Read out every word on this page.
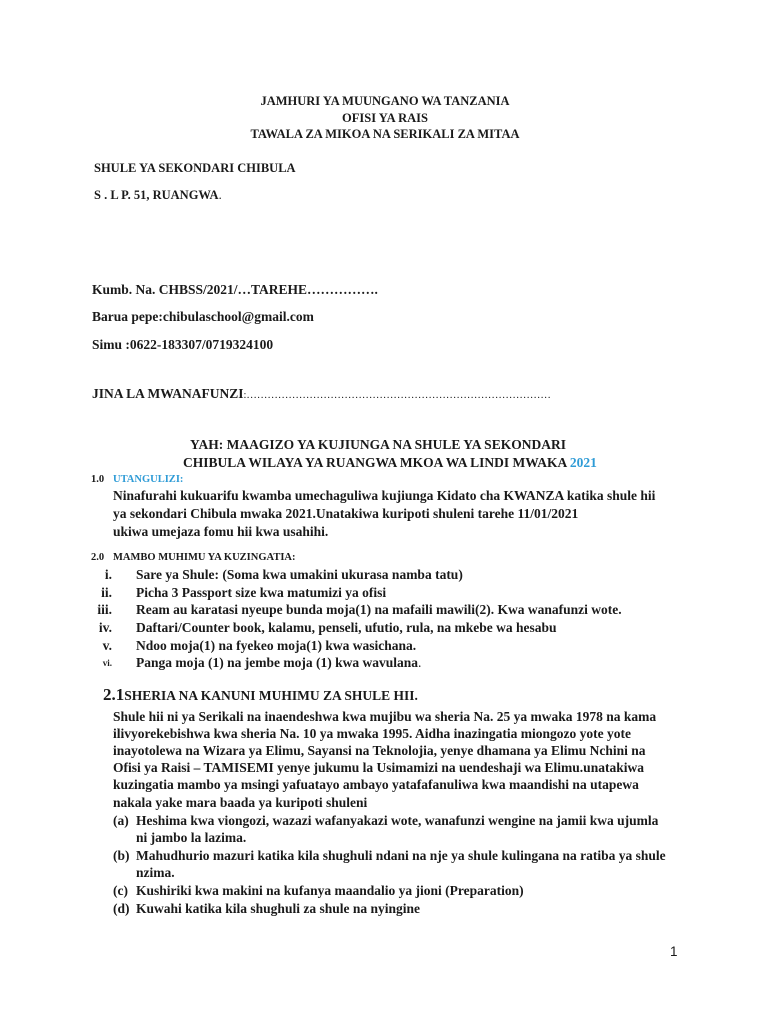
JAMHURI YA MUUNGANO WA TANZANIA
OFISI YA RAIS
TAWALA ZA MIKOA NA SERIKALI ZA MITAA
SHULE YA SEKONDARI CHIBULA
S . L P. 51, RUANGWA.
Kumb. Na. CHBSS/2021/…TAREHE…………….
Barua pepe:chibulaschool@gmail.com
Simu :0622-183307/0719324100
JINA LA MWANAFUNZI:……………………………………………………………………………
YAH: MAAGIZO YA KUJIUNGA NA SHULE YA SEKONDARI
CHIBULA WILAYA YA RUANGWA MKOA WA LINDI MWAKA 2021
1.0 UTANGULIZI:
Ninafurahi kukuarifu kwamba umechaguliwa kujiunga Kidato cha KWANZA katika shule hii
ya sekondari Chibula mwaka 2021.Unatakiwa kuripoti shuleni tarehe 11/01/2021
ukiwa umejaza fomu hii kwa usahihi.
2.0 MAMBO MUHIMU YA KUZINGATIA:
i. Sare ya Shule: (Soma kwa umakini ukurasa namba tatu)
ii. Picha 3 Passport size kwa matumizi ya ofisi
iii. Ream au karatasi nyeupe bunda moja(1) na mafaili mawili(2). Kwa wanafunzi wote.
iv. Daftari/Counter book, kalamu, penseli, ufutio, rula, na mkebe wa hesabu
v. Ndoo moja(1) na fyekeo moja(1) kwa wasichana.
vi. Panga moja (1) na jembe moja (1) kwa wavulana.
2.1SHERIA NA KANUNI MUHIMU ZA SHULE HII.
Shule hii ni ya Serikali na inaendeshwa kwa mujibu wa sheria Na. 25 ya mwaka 1978 na kama
ilivyorekebishwa kwa sheria Na. 10 ya mwaka 1995. Aidha inazingatia miongozo yote yote
inayotolewa na Wizara ya Elimu, Sayansi na Teknolojia, yenye dhamana ya Elimu Nchini na
Ofisi ya Raisi – TAMISEMI yenye jukumu la Usimamizi na uendeshaji wa Elimu.unatakiwa
kuzingatia mambo ya msingi yafuatayo ambayo yatafafanuliwa kwa maandishi na utapewa
nakala yake mara baada ya kuripoti shuleni
(a) Heshima kwa viongozi, wazazi wafanyakazi wote, wanafunzi wengine na jamii kwa ujumla
ni jambo la lazima.
(b) Mahudhurio mazuri katika kila shughuli ndani na nje ya shule kulingana na ratiba ya shule
nzima.
(c) Kushiriki kwa makini na kufanya maandalio ya jioni (Preparation)
(d) Kuwahi katika kila shughuli za shule na nyingine
1
